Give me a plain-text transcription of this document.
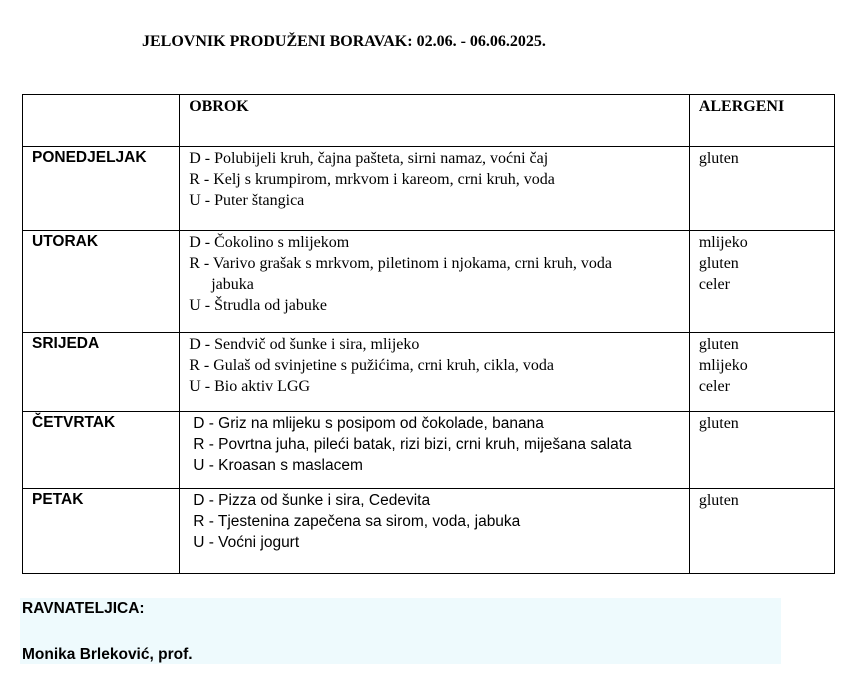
JELOVNIK PRODUŽENI BORAVAK: 02.06. - 06.06.2025.

	OBROK	ALERGENI

PONEDJELJAK	D - Polubijeli kruh, čajna pašteta, sirni namaz, voćni čaj
R - Kelj s krumpirom, mrkvom i kareom, crni kruh, voda
U - Puter štangica	gluten

UTORAK	D - Čokolino s mlijekom
R - Varivo grašak s mrkvom, piletinom i njokama, crni kruh, voda
jabuka
U - Štrudla od jabuke	mlijeko
gluten
celer

SRIJEDA	D - Sendvič od šunke i sira, mlijeko
R - Gulaš od svinjetine s pužićima, crni kruh, cikla, voda
U - Bio aktiv LGG	gluten
mlijeko
celer

ČETVRTAK	D - Griz na mlijeku s posipom od čokolade, banana
R - Povrtna juha, pileći batak, rizi bizi, crni kruh, miješana salata
U - Kroasan s maslacem	gluten

PETAK	D - Pizza od šunke i sira, Cedevita
R - Tjestenina zapečena sa sirom, voda, jabuka
U - Voćni jogurt	gluten
RAVNATELJICA:
Monika Brleković, prof.
